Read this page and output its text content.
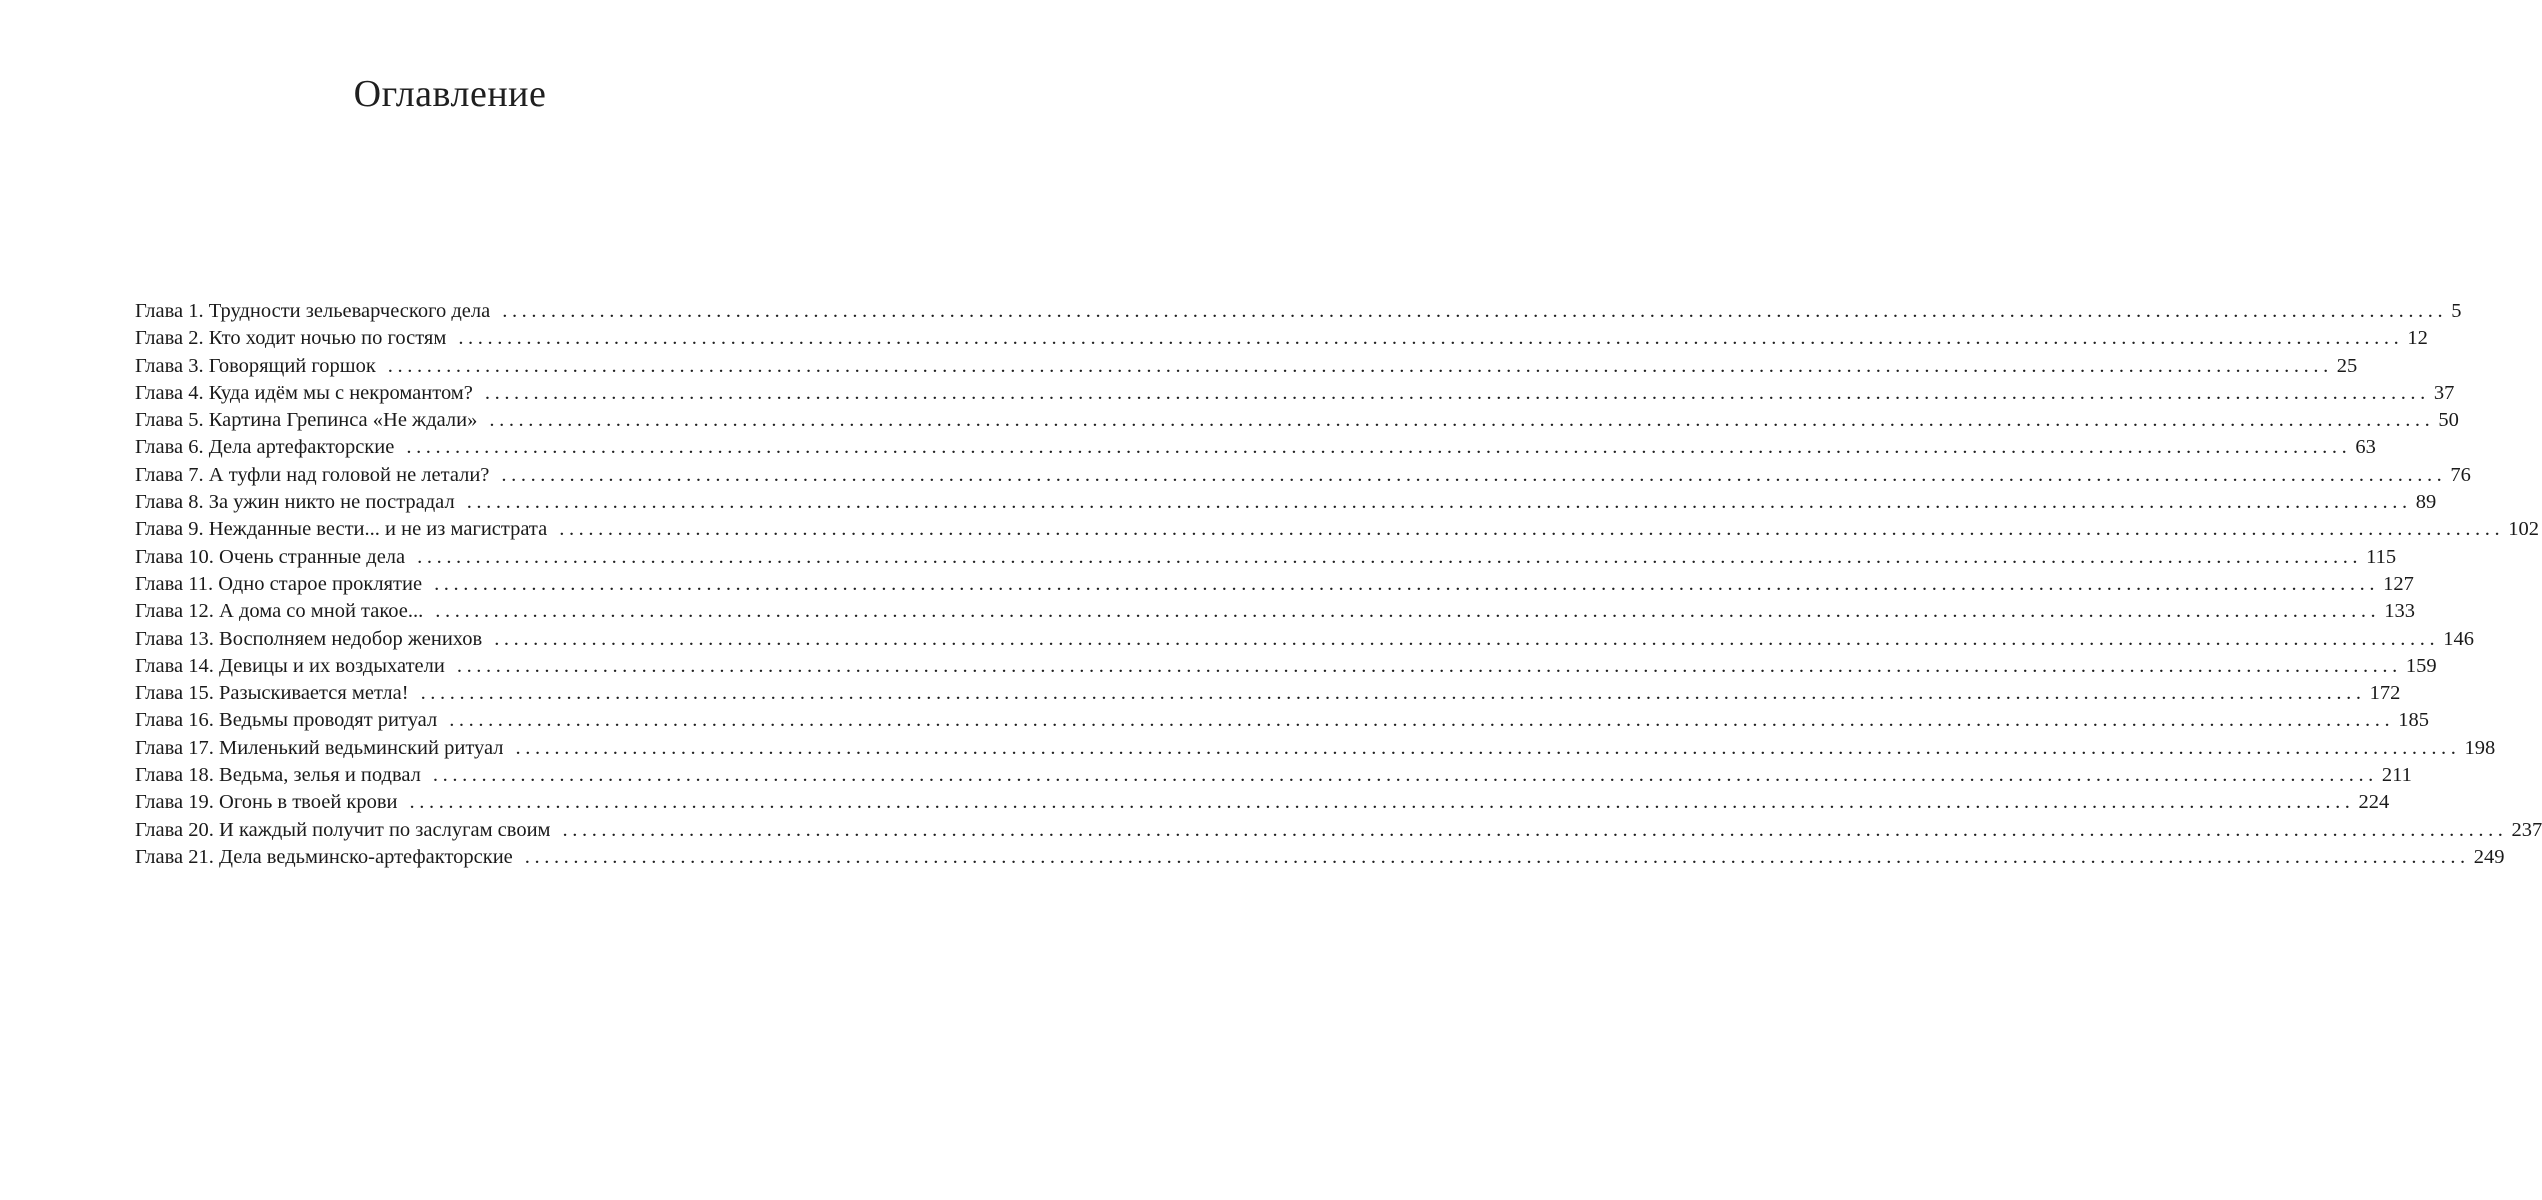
Оглавление
Глава 1. Трудности зельеварческого дела ........................................................................................................................................................................................................ 5
Глава 2. Кто ходит ночью по гостям ........................................................................................................................................................................................................ 12
Глава 3. Говорящий горшок ........................................................................................................................................................................................................ 25
Глава 4. Куда идём мы с некромантом? ........................................................................................................................................................................................................ 37
Глава 5. Картина Грепинса «Не ждали» ........................................................................................................................................................................................................ 50
Глава 6. Дела артефакторские ........................................................................................................................................................................................................ 63
Глава 7. А туфли над головой не летали? ........................................................................................................................................................................................................ 76
Глава 8. За ужин никто не пострадал ........................................................................................................................................................................................................ 89
Глава 9. Нежданные вести... и не из магистрата ........................................................................................................................................................................................................ 102
Глава 10. Очень странные дела ........................................................................................................................................................................................................ 115
Глава 11. Одно старое проклятие ........................................................................................................................................................................................................ 127
Глава 12. А дома со мной такое... ........................................................................................................................................................................................................ 133
Глава 13. Восполняем недобор женихов ........................................................................................................................................................................................................ 146
Глава 14. Девицы и их воздыхатели ........................................................................................................................................................................................................ 159
Глава 15. Разыскивается метла! ........................................................................................................................................................................................................ 172
Глава 16. Ведьмы проводят ритуал ........................................................................................................................................................................................................ 185
Глава 17. Миленький ведьминский ритуал ........................................................................................................................................................................................................ 198
Глава 18. Ведьма, зелья и подвал ........................................................................................................................................................................................................ 211
Глава 19. Огонь в твоей крови ........................................................................................................................................................................................................ 224
Глава 20. И каждый получит по заслугам своим ........................................................................................................................................................................................................ 237
Глава 21. Дела ведьминско-артефакторские ........................................................................................................................................................................................................ 249
